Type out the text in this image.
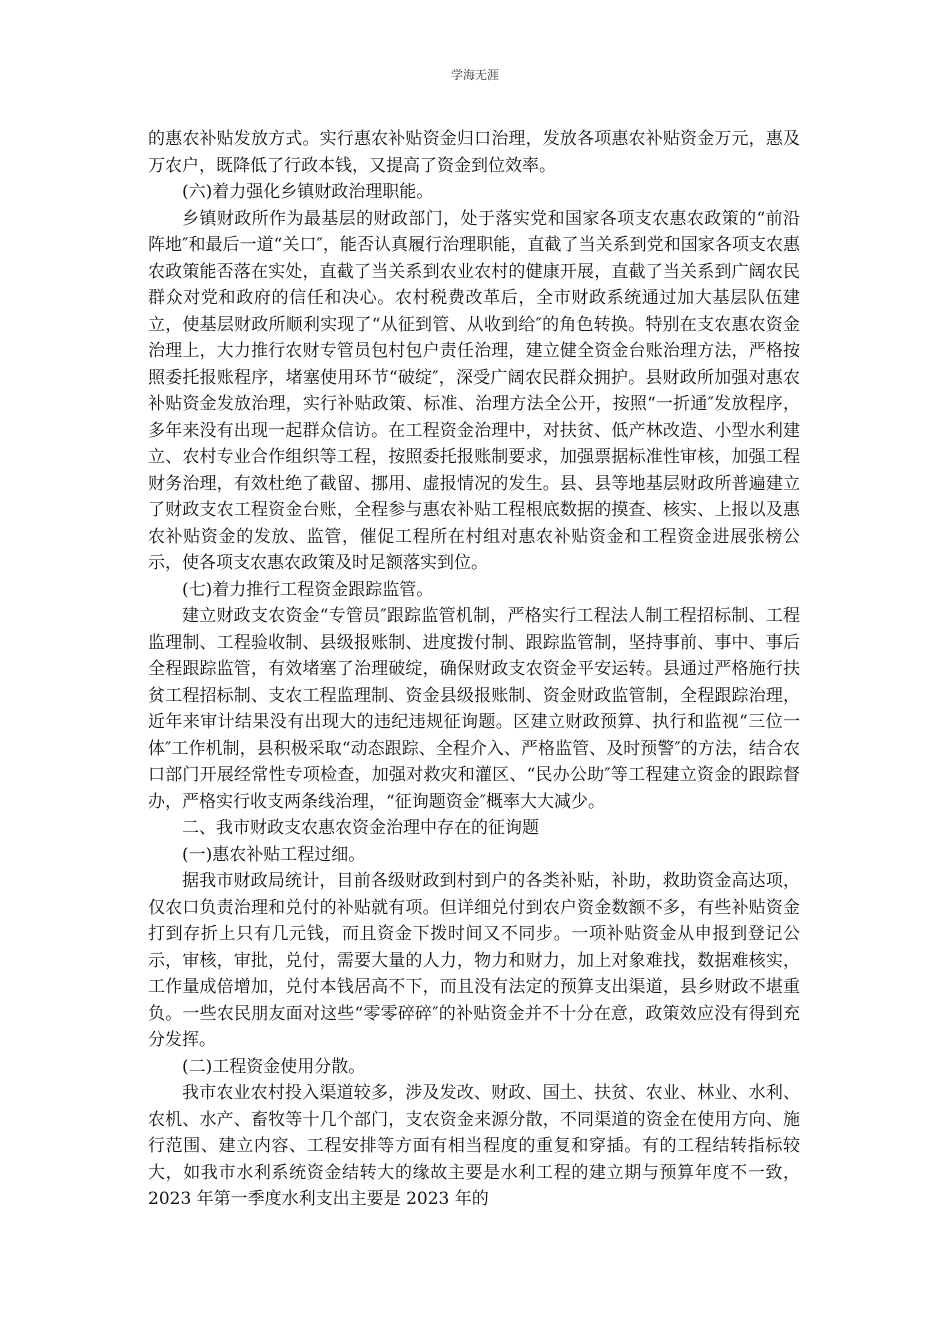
学海无涯

的惠农补贴发放方式。实行惠农补贴资金归口治理，发放各项惠农补贴资金万元，惠及万农户，既降低了行政本钱，又提高了资金到位效率。

(六)着力强化乡镇财政治理职能。

乡镇财政所作为最基层的财政部门，处于落实党和国家各项支农惠农政策的“前沿阵地″和最后一道“关口″，能否认真履行治理职能，直截了当关系到党和国家各项支农惠农政策能否落在实处，直截了当关系到农业农村的健康开展，直截了当关系到广阔农民群众对党和政府的信任和决心。农村税费改革后，全市财政系统通过加大基层队伍建立，使基层财政所顺利实现了“从征到管、从收到给″的角色转换。特别在支农惠农资金治理上，大力推行农财专管员包村包户责任治理，建立健全资金台账治理方法，严格按照委托报账程序，堵塞使用环节“破绽″，深受广阔农民群众拥护。县财政所加强对惠农补贴资金发放治理，实行补贴政策、标准、治理方法全公开，按照“一折通″发放程序，多年来没有出现一起群众信访。在工程资金治理中，对扶贫、低产林改造、小型水利建立、农村专业合作组织等工程，按照委托报账制要求，加强票据标准性审核，加强工程财务治理，有效杜绝了截留、挪用、虚报情况的发生。县、县等地基层财政所普遍建立了财政支农工程资金台账，全程参与惠农补贴工程根底数据的摸查、核实、上报以及惠农补贴资金的发放、监管，催促工程所在村组对惠农补贴资金和工程资金进展张榜公示，使各项支农惠农政策及时足额落实到位。

(七)着力推行工程资金跟踪监管。

建立财政支农资金“专管员″跟踪监管机制，严格实行工程法人制工程招标制、工程监理制、工程验收制、县级报账制、进度拨付制、跟踪监管制，坚持事前、事中、事后全程跟踪监管，有效堵塞了治理破绽，确保财政支农资金平安运转。县通过严格施行扶贫工程招标制、支农工程监理制、资金县级报账制、资金财政监管制，全程跟踪治理，近年来审计结果没有出现大的违纪违规征询题。区建立财政预算、执行和监视“三位一体″工作机制，县积极采取“动态跟踪、全程介入、严格监管、及时预警″的方法，结合农口部门开展经常性专项检查，加强对救灾和灌区、“民办公助″等工程建立资金的跟踪督办，严格实行收支两条线治理，“征询题资金″概率大大减少。

二、我市财政支农惠农资金治理中存在的征询题

(一)惠农补贴工程过细。

据我市财政局统计，目前各级财政到村到户的各类补贴，补助，救助资金高达项，仅农口负责治理和兑付的补贴就有项。但详细兑付到农户资金数额不多，有些补贴资金打到存折上只有几元钱，而且资金下拨时间又不同步。一项补贴资金从申报到登记公示，审核，审批，兑付，需要大量的人力，物力和财力，加上对象难找，数据难核实，工作量成倍增加，兑付本钱居高不下，而且没有法定的预算支出渠道，县乡财政不堪重负。一些农民朋友面对这些“零零碎碎″的补贴资金并不十分在意，政策效应没有得到充分发挥。

(二)工程资金使用分散。

我市农业农村投入渠道较多，涉及发改、财政、国土、扶贫、农业、林业、水利、农机、水产、畜牧等十几个部门，支农资金来源分散，不同渠道的资金在使用方向、施行范围、建立内容、工程安排等方面有相当程度的重复和穿插。有的工程结转指标较大，如我市水利系统资金结转大的缘故主要是水利工程的建立期与预算年度不一致，2023 年第一季度水利支出主要是 2023 年的
